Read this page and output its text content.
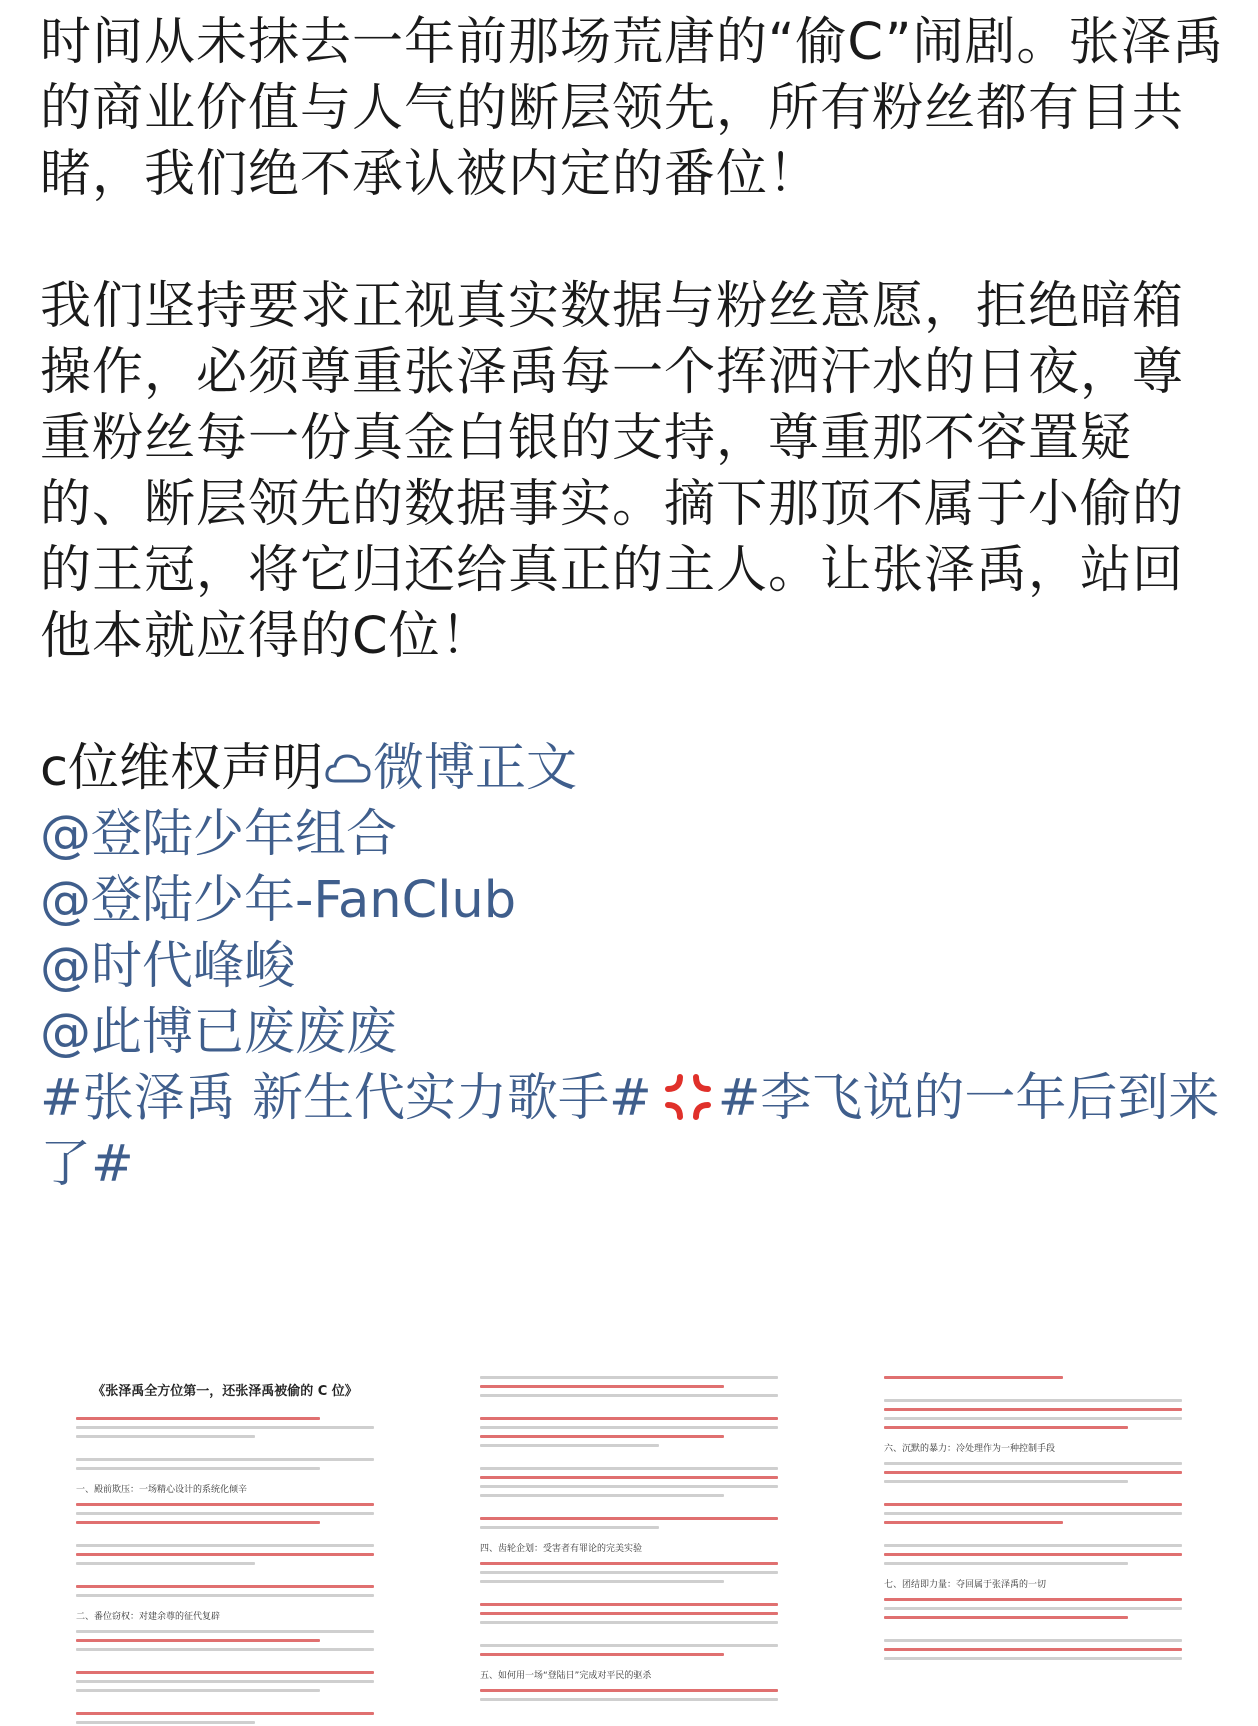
时间从未抹去一年前那场荒唐的“偷C”闹剧。张泽禹的商业价值与人气的断层领先，所有粉丝都有目共睹，我们绝不承认被内定的番位！

我们坚持要求正视真实数据与粉丝意愿，拒绝暗箱操作，必须尊重张泽禹每一个挥洒汗水的日夜，尊重粉丝每一份真金白银的支持，尊重那不容置疑的、断层领先的数据事实。摘下那顶不属于小偷的的王冠，将它归还给真正的主人。让张泽禹，站回他本就应得的C位！

c位维权声明 微博正文
@登陆少年组合
@登陆少年-FanClub
@时代峰峻
@此博已废废废
#张泽禹 新生代实力歌手# #李飞说的一年后到来了#
《张泽禹全方位第一，还张泽禹被偷的 C 位》
一、殿前欺压：一场精心设计的系统化倾辛
二、番位窃权：对建余尊的征代复辟
四、齿轮企划：受害者有罪论的完美实验
五、如何用一场“登陆日”完成对平民的驱杀
六、沉默的暴力：冷处理作为一种控制手段
七、团结即力量：夺回属于张泽禹的一切
